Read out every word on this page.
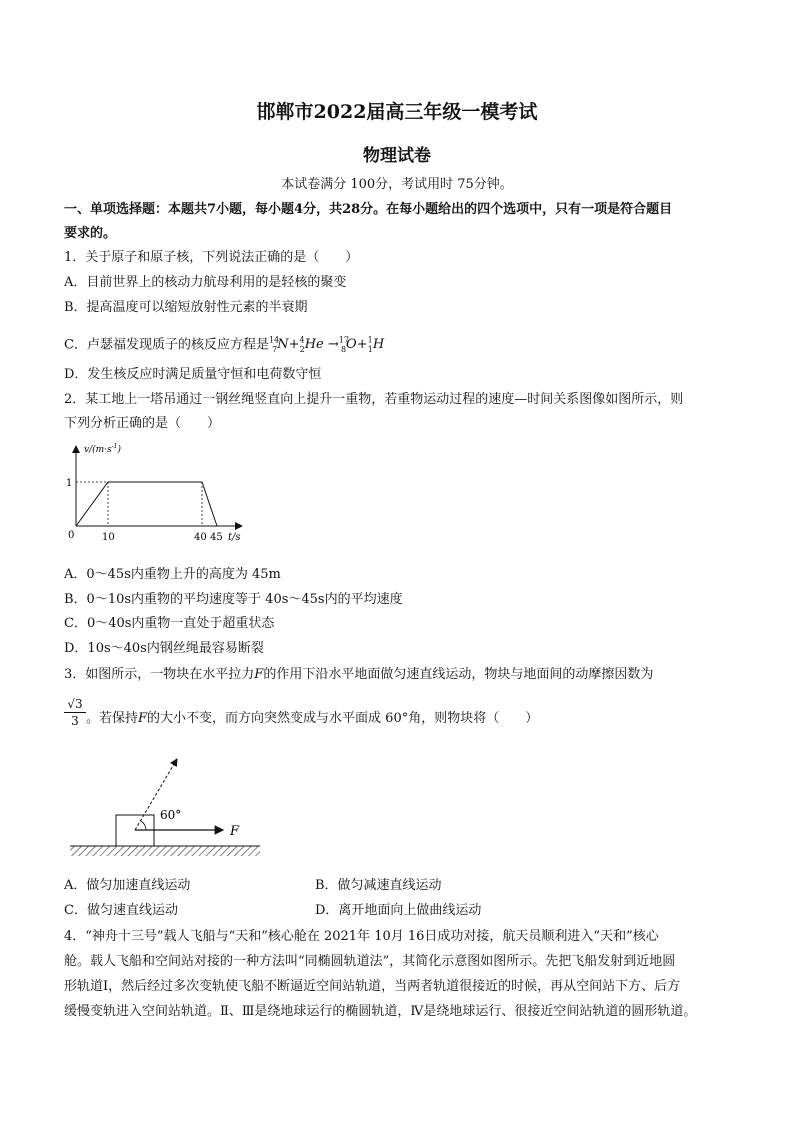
邯郸市2022届高三年级一模考试
物理试卷
本试卷满分 100分，考试用时 75分钟。
一、单项选择题：本题共7小题，每小题4分，共28分。在每小题给出的四个选项中，只有一项是符合题目
要求的。
1．关于原子和原子核，下列说法正确的是（　　）
A．目前世界上的核动力航母利用的是轻核的聚变
B．提高温度可以缩短放射性元素的半衰期
C．卢瑟福发现质子的核反应方程是$^{14}_7$N+$^4_2$He →$^{17}_8$O+$^1_1$H
D．发生核反应时满足质量守恒和电荷数守恒
2．某工地上一塔吊通过一钢丝绳竖直向上提升一重物，若重物运动过程的速度—时间关系图像如图所示，则
下列分析正确的是（　　）
$v/(m\cdot s^{-1})$
1
0	10	40 45 t/s
A．0～45s内重物上升的高度为 45m
B．0～10s内重物的平均速度等于 40s～45s内的平均速度
C．0～40s内重物一直处于超重状态
D．10s～40s内钢丝绳最容易断裂
3．如图所示，一物块在水平拉力F的作用下沿水平地面做匀速直线运动，物块与地面间的动摩擦因数为
$\frac{√3}{3}$ 。若保持F的大小不变，而方向突然变成与水平面成 60°角，则物块将（　　）
60°
F
A．做匀加速直线运动	B．做匀减速直线运动
C．做匀速直线运动	D．离开地面向上做曲线运动
4．“神舟十三号”载人飞船与“天和”核心舱在 2021年 10月 16日成功对接，航天员顺利进入“天和”核心
舱。载人飞船和空间站对接的一种方法叫“同椭圆轨道法”，其简化示意图如图所示。先把飞船发射到近地圆
形轨道Ⅰ，然后经过多次变轨使飞船不断逼近空间站轨道，当两者轨道很接近的时候，再从空间站下方、后方
缓慢变轨进入空间站轨道。Ⅱ、Ⅲ是绕地球运行的椭圆轨道，Ⅳ是绕地球运行、很接近空间站轨道的圆形轨道。
